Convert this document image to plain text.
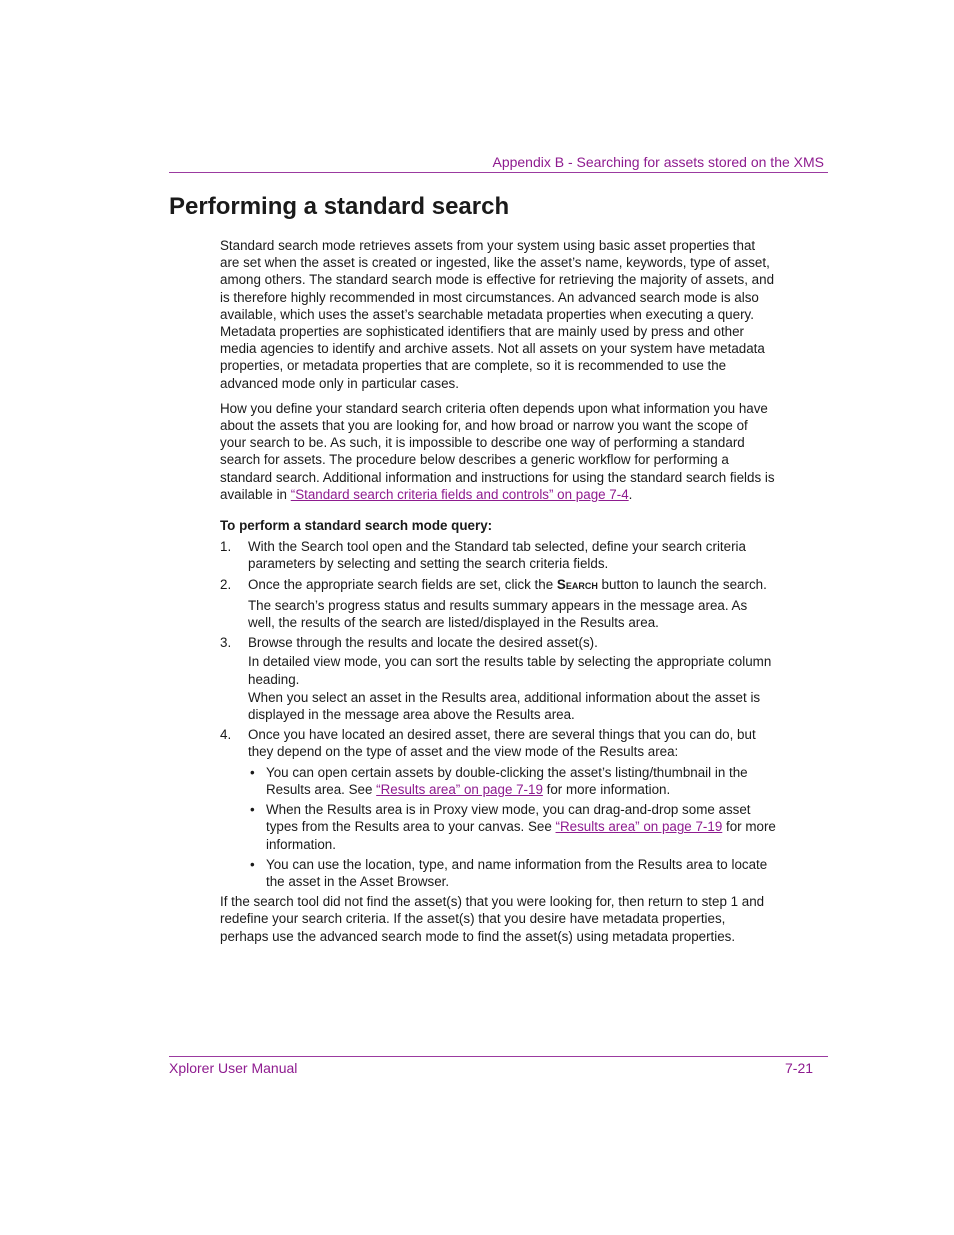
Appendix B - Searching for assets stored on the XMS
Performing a standard search

Standard search mode retrieves assets from your system using basic asset properties that are set when the asset is created or ingested, like the asset’s name, keywords, type of asset, among others. The standard search mode is effective for retrieving the majority of assets, and is therefore highly recommended in most circumstances. An advanced search mode is also available, which uses the asset’s searchable metadata properties when executing a query. Metadata properties are sophisticated identifiers that are mainly used by press and other media agencies to identify and archive assets. Not all assets on your system have metadata properties, or metadata properties that are complete, so it is recommended to use the advanced mode only in particular cases.

How you define your standard search criteria often depends upon what information you have about the assets that you are looking for, and how broad or narrow you want the scope of your search to be. As such, it is impossible to describe one way of performing a standard search for assets. The procedure below describes a generic workflow for performing a standard search. Additional information and instructions for using the standard search fields is available in “Standard search criteria fields and controls” on page 7-4.

To perform a standard search mode query:
1. With the Search tool open and the Standard tab selected, define your search criteria parameters by selecting and setting the search criteria fields.
2. Once the appropriate search fields are set, click the Search button to launch the search.
The search’s progress status and results summary appears in the message area. As well, the results of the search are listed/displayed in the Results area.
3. Browse through the results and locate the desired asset(s).
In detailed view mode, you can sort the results table by selecting the appropriate column heading.
When you select an asset in the Results area, additional information about the asset is displayed in the message area above the Results area.
4. Once you have located an desired asset, there are several things that you can do, but they depend on the type of asset and the view mode of the Results area:
• You can open certain assets by double-clicking the asset’s listing/thumbnail in the Results area. See “Results area” on page 7-19 for more information.
• When the Results area is in Proxy view mode, you can drag-and-drop some asset types from the Results area to your canvas. See “Results area” on page 7-19 for more information.
• You can use the location, type, and name information from the Results area to locate the asset in the Asset Browser.

If the search tool did not find the asset(s) that you were looking for, then return to step 1 and redefine your search criteria. If the asset(s) that you desire have metadata properties, perhaps use the advanced search mode to find the asset(s) using metadata properties.

Xplorer User Manual	7-21
